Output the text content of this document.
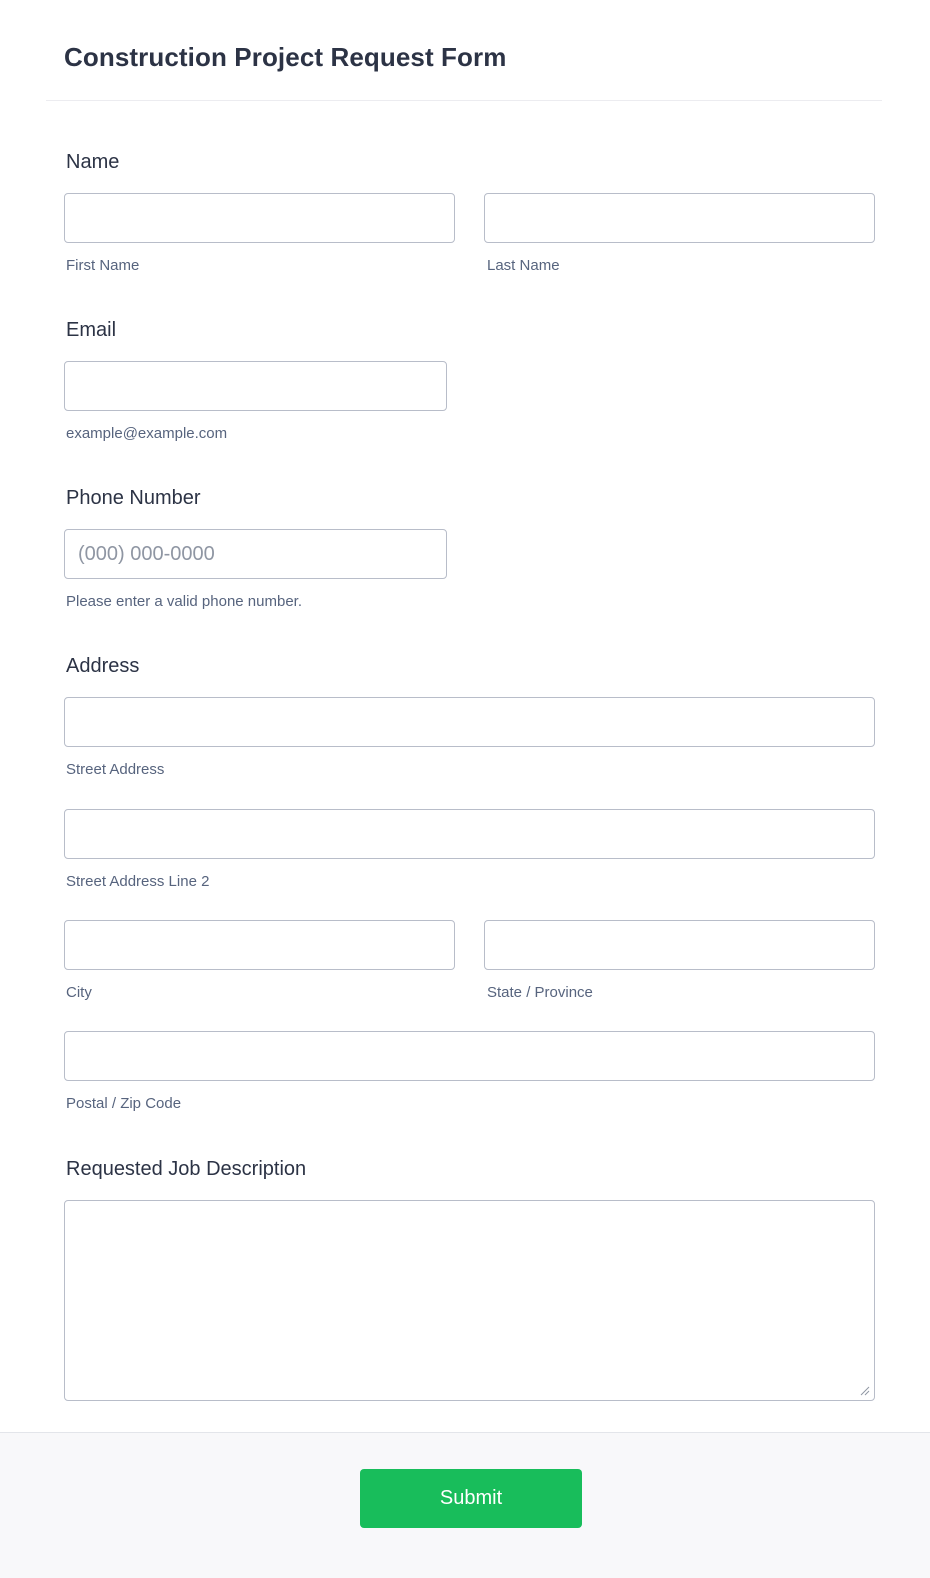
Construction Project Request Form
Name
First Name	Last Name
Email
example@example.com
Phone Number
(000) 000-0000
Please enter a valid phone number.
Address
Street Address
Street Address Line 2
City	State / Province
Postal / Zip Code
Requested Job Description
Submit
